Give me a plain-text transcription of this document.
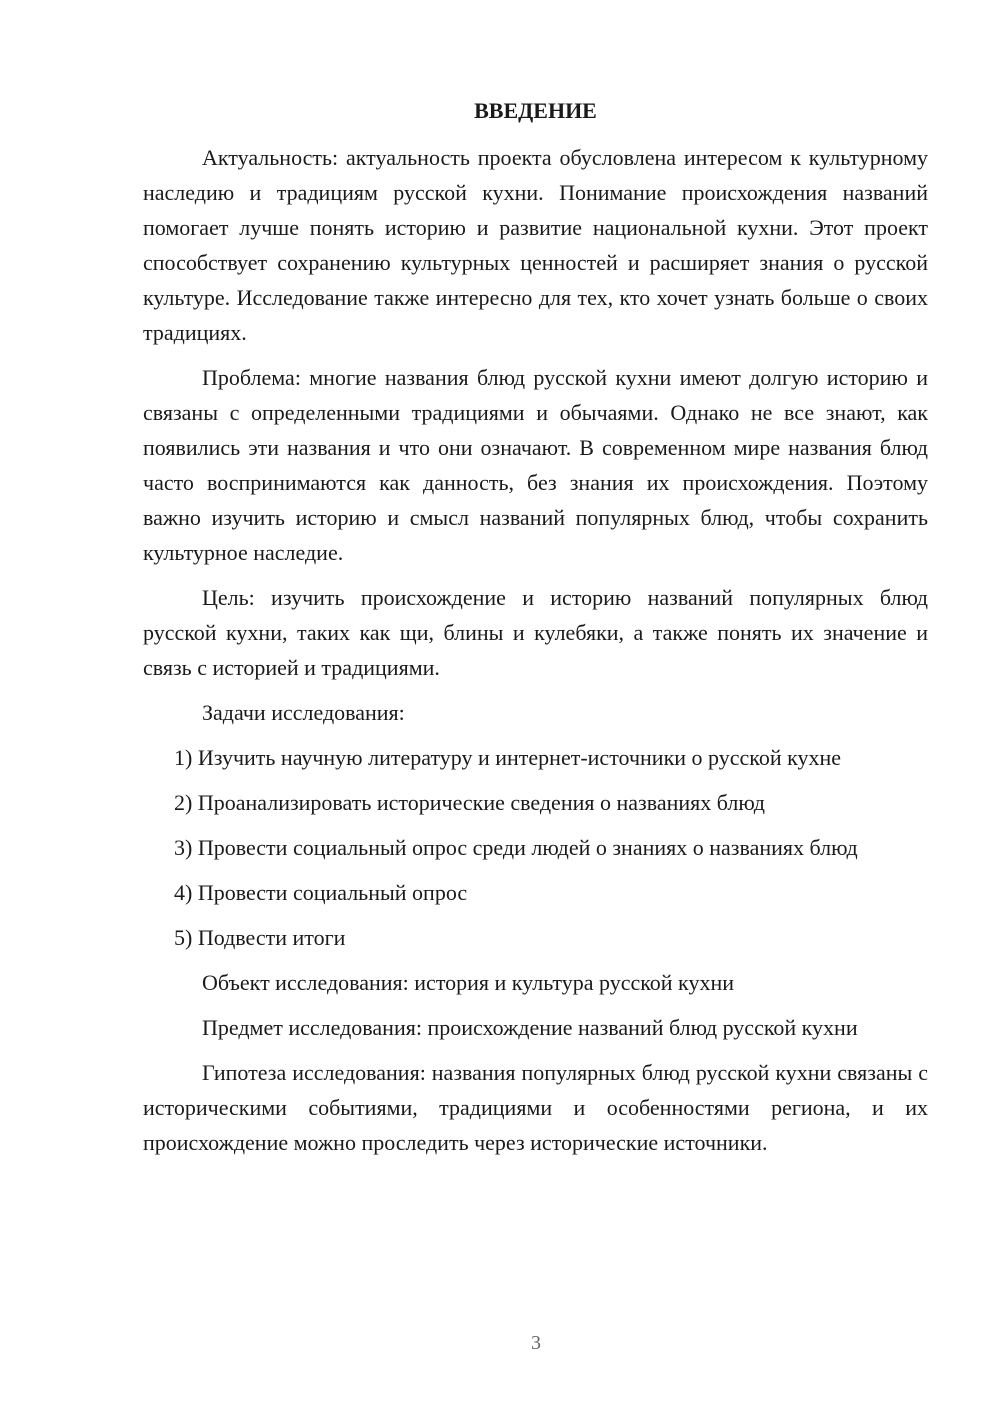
ВВЕДЕНИЕ

Актуальность: актуальность проекта обусловлена интересом к культурному наследию и традициям русской кухни. Понимание происхождения названий помогает лучше понять историю и развитие национальной кухни. Этот проект способствует сохранению культурных ценностей и расширяет знания о русской культуре. Исследование также интересно для тех, кто хочет узнать больше о своих традициях.

Проблема: многие названия блюд русской кухни имеют долгую историю и связаны с определенными традициями и обычаями. Однако не все знают, как появились эти названия и что они означают. В современном мире названия блюд часто воспринимаются как данность, без знания их происхождения. Поэтому важно изучить историю и смысл названий популярных блюд, чтобы сохранить культурное наследие.

Цель: изучить происхождение и историю названий популярных блюд русской кухни, таких как щи, блины и кулебяки, а также понять их значение и связь с историей и традициями.

Задачи исследования:

1) Изучить научную литературу и интернет-источники о русской кухне

2) Проанализировать исторические сведения о названиях блюд

3) Провести социальный опрос среди людей о знаниях о названиях блюд

4) Провести социальный опрос

5) Подвести итоги

Объект исследования: история и культура русской кухни

Предмет исследования: происхождение названий блюд русской кухни

Гипотеза исследования: названия популярных блюд русской кухни связаны с историческими событиями, традициями и особенностями региона, и их происхождение можно проследить через исторические источники.

3
